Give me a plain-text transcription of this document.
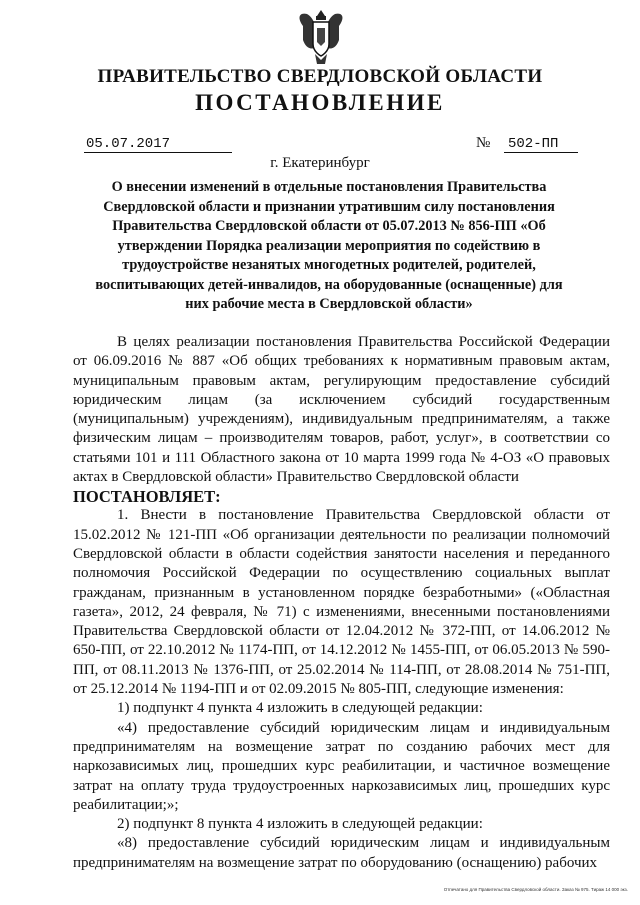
ПРАВИТЕЛЬСТВО СВЕРДЛОВСКОЙ ОБЛАСТИ
ПОСТАНОВЛЕНИЕ
05.07.2017	№ 502-ПП
г. Екатеринбург
О внесении изменений в отдельные постановления Правительства Свердловской области и признании утратившим силу постановления Правительства Свердловской области от 05.07.2013 № 856-ПП «Об утверждении Порядка реализации мероприятия по содействию в трудоустройстве незанятых многодетных родителей, родителей, воспитывающих детей-инвалидов, на оборудованные (оснащенные) для них рабочие места в Свердловской области»

В целях реализации постановления Правительства Российской Федерации от 06.09.2016 № 887 «Об общих требованиях к нормативным правовым актам, муниципальным правовым актам, регулирующим предоставление субсидий юридическим лицам (за исключением субсидий государственным (муниципальным) учреждениям), индивидуальным предпринимателям, а также физическим лицам – производителям товаров, работ, услуг», в соответствии со статьями 101 и 111 Областного закона от 10 марта 1999 года № 4-ОЗ «О правовых актах в Свердловской области» Правительство Свердловской области

ПОСТАНОВЛЯЕТ:

1. Внести в постановление Правительства Свердловской области от 15.02.2012 № 121-ПП «Об организации деятельности по реализации полномочий Свердловской области в области содействия занятости населения и переданного полномочия Российской Федерации по осуществлению социальных выплат гражданам, признанным в установленном порядке безработными» («Областная газета», 2012, 24 февраля, № 71) с изменениями, внесенными постановлениями Правительства Свердловской области от 12.04.2012 № 372-ПП, от 14.06.2012 № 650-ПП, от 22.10.2012 № 1174-ПП, от 14.12.2012 № 1455-ПП, от 06.05.2013 № 590-ПП, от 08.11.2013 № 1376-ПП, от 25.02.2014 № 114-ПП, от 28.08.2014 № 751-ПП, от 25.12.2014 № 1194-ПП и от 02.09.2015 № 805-ПП, следующие изменения:

1) подпункт 4 пункта 4 изложить в следующей редакции:

«4) предоставление субсидий юридическим лицам и индивидуальным предпринимателям на возмещение затрат по созданию рабочих мест для наркозависимых лиц, прошедших курс реабилитации, и частичное возмещение затрат на оплату труда трудоустроенных наркозависимых лиц, прошедших курс реабилитации;»;

2) подпункт 8 пункта 4 изложить в следующей редакции:

«8) предоставление субсидий юридическим лицам и индивидуальным предпринимателям на возмещение затрат по оборудованию (оснащению) рабочих

Отпечатано для Правительства Свердловской области. Заказ № 975. Тираж 14 000 экз.
